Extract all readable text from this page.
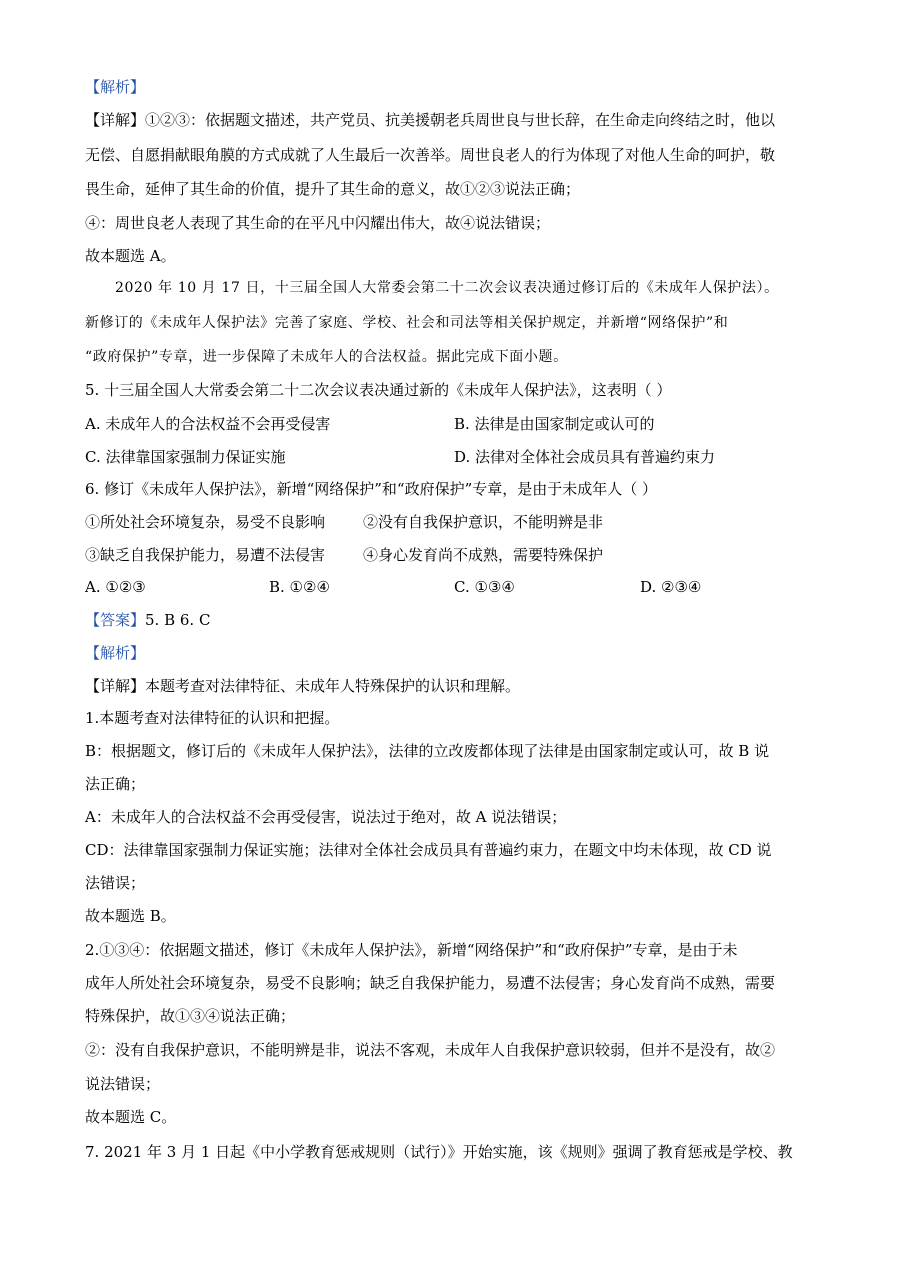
【解析】
【详解】①②③：依据题文描述，共产党员、抗美援朝老兵周世良与世长辞，在生命走向终结之时，他以
无偿、自愿捐献眼角膜的方式成就了人生最后一次善举。周世良老人的行为体现了对他人生命的呵护，敬
畏生命，延伸了其生命的价值，提升了其生命的意义，故①②③说法正确；
④：周世良老人表现了其生命的在平凡中闪耀出伟大，故④说法错误；
故本题选 A。
2020 年 10 月 17 日，十三届全国人大常委会第二十二次会议表决通过修订后的《未成年人保护法）。
新修订的《未成年人保护法》完善了家庭、学校、社会和司法等相关保护规定，并新增“网络保护”和
“政府保护”专章，进一步保障了未成年人的合法权益。据此完成下面小题。
5. 十三届全国人大常委会第二十二次会议表决通过新的《未成年人保护法》，这表明（ ）
A. 未成年人的合法权益不会再受侵害	B. 法律是由国家制定或认可的
C. 法律靠国家强制力保证实施	D. 法律对全体社会成员具有普遍约束力
6. 修订《未成年人保护法》，新增“网络保护”和“政府保护”专章，是由于未成年人（ ）
①所处社会环境复杂，易受不良影响	②没有自我保护意识，不能明辨是非
③缺乏自我保护能力，易遭不法侵害	④身心发育尚不成熟，需要特殊保护
A. ①②③	B. ①②④	C. ①③④	D. ②③④
【答案】5. B 6. C
【解析】
【详解】本题考查对法律特征、未成年人特殊保护的认识和理解。
1.本题考查对法律特征的认识和把握。
B：根据题文，修订后的《未成年人保护法》，法律的立改废都体现了法律是由国家制定或认可，故 B 说
法正确；
A：未成年人的合法权益不会再受侵害，说法过于绝对，故 A 说法错误；
CD：法律靠国家强制力保证实施；法律对全体社会成员具有普遍约束力，在题文中均未体现，故 CD 说
法错误；
故本题选 B。
2.①③④：依据题文描述，修订《未成年人保护法》，新增“网络保护”和“政府保护”专章，是由于未
成年人所处社会环境复杂，易受不良影响；缺乏自我保护能力，易遭不法侵害；身心发育尚不成熟，需要
特殊保护，故①③④说法正确；
②：没有自我保护意识，不能明辨是非，说法不客观，未成年人自我保护意识较弱，但并不是没有，故②
说法错误；
故本题选 C。
7. 2021 年 3 月 1 日起《中小学教育惩戒规则（试行）》开始实施，该《规则》强调了教育惩戒是学校、教
